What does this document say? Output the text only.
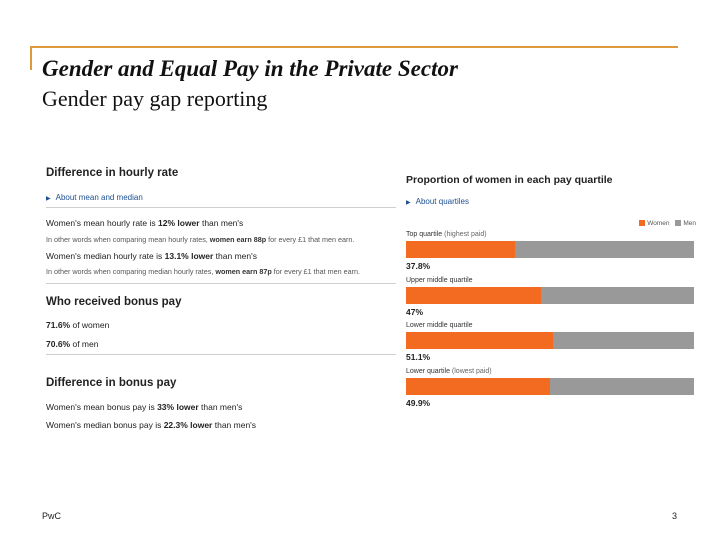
Gender and Equal Pay in the Private Sector
Gender pay gap reporting
Difference in hourly rate
▶ About mean and median
Women's mean hourly rate is 12% lower than men's
In other words when comparing mean hourly rates, women earn 88p for every £1 that men earn.
Women's median hourly rate is 13.1% lower than men's
In other words when comparing median hourly rates, women earn 87p for every £1 that men earn.
Who received bonus pay
71.6% of women
70.6% of men
Difference in bonus pay
Women's mean bonus pay is 33% lower than men's
Women's median bonus pay is 22.3% lower than men's
Proportion of women in each pay quartile
▶ About quartiles
Women Men
Top quartile (highest paid)
37.8%
Upper middle quartile
47%
Lower middle quartile
51.1%
Lower quartile (lowest paid)
49.9%
PwC	3
